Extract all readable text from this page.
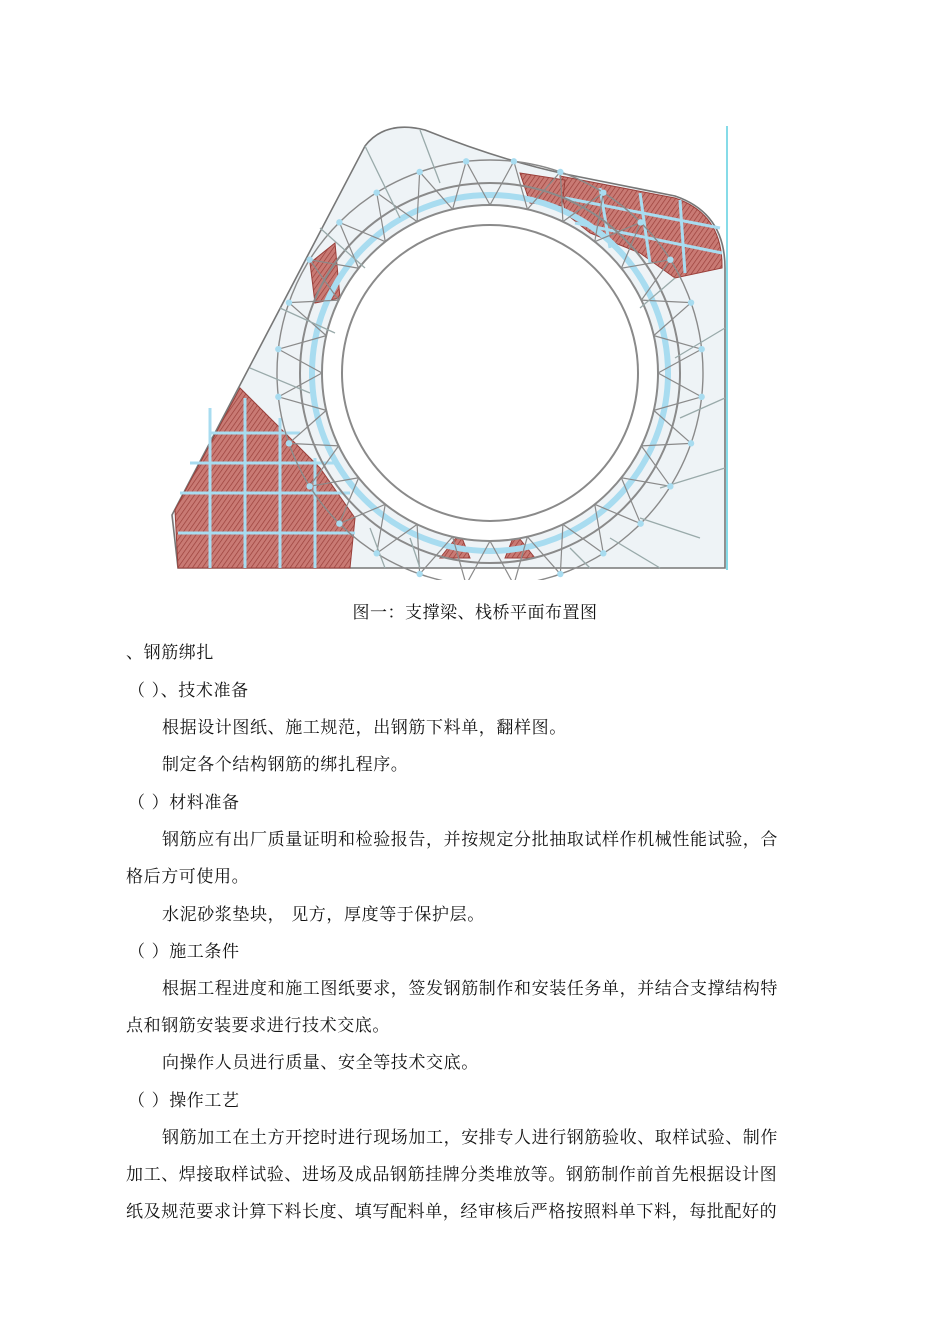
图一：支撑梁、栈桥平面布置图
、钢筋绑扎
（ ）、技术准备
根据设计图纸、施工规范，出钢筋下料单，翻样图。
制定各个结构钢筋的绑扎程序。
（ ）材料准备
钢筋应有出厂质量证明和检验报告，并按规定分批抽取试样作机械性能试验，合
格后方可使用。
水泥砂浆垫块， 见方，厚度等于保护层。
（ ）施工条件
根据工程进度和施工图纸要求，签发钢筋制作和安装任务单，并结合支撑结构特
点和钢筋安装要求进行技术交底。
向操作人员进行质量、安全等技术交底。
（ ）操作工艺
钢筋加工在土方开挖时进行现场加工，安排专人进行钢筋验收、取样试验、制作
加工、焊接取样试验、进场及成品钢筋挂牌分类堆放等。钢筋制作前首先根据设计图
纸及规范要求计算下料长度、填写配料单，经审核后严格按照料单下料，每批配好的
